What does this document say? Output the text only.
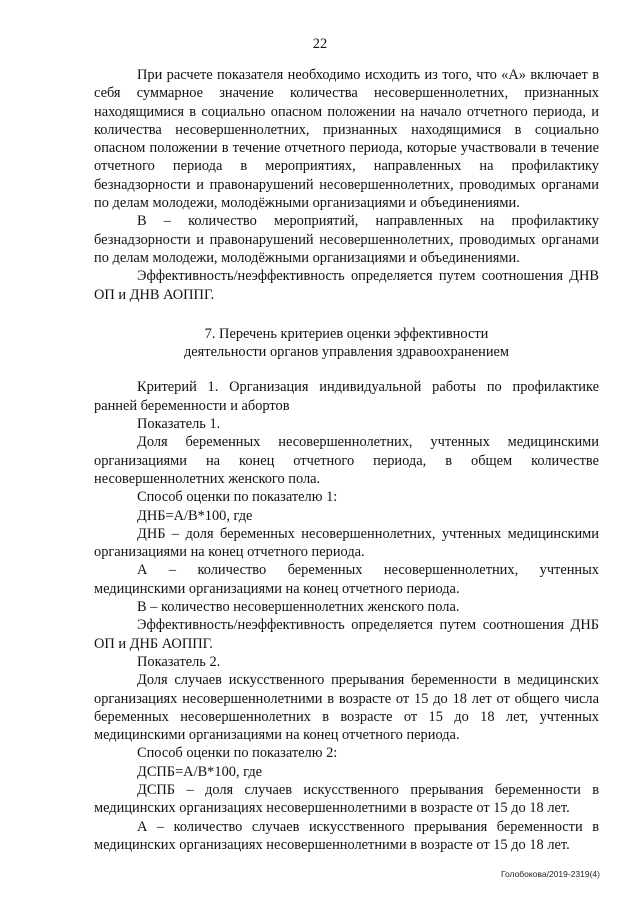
22

При расчете показателя необходимо исходить из того, что «А» включает в себя суммарное значение количества несовершеннолетних, признанных находящимися в социально опасном положении на начало отчетного периода, и количества несовершеннолетних, признанных находящимися в социально опасном положении в течение отчетного периода, которые участвовали в течение отчетного периода в мероприятиях, направленных на профилактику безнадзорности и правонарушений несовершеннолетних, проводимых органами по делам молодежи, молодёжными организациями и объединениями.

В – количество мероприятий, направленных на профилактику безнадзорности и правонарушений несовершеннолетних, проводимых органами по делам молодежи, молодёжными организациями и объединениями.

Эффективность/неэффективность определяется путем соотношения ДНВ ОП и ДНВ АОППГ.

7. Перечень критериев оценки эффективности

деятельности органов управления здравоохранением

Критерий 1. Организация индивидуальной работы по профилактике ранней беременности и абортов

Показатель 1.

Доля беременных несовершеннолетних, учтенных медицинскими организациями на конец отчетного периода, в общем количестве несовершеннолетних женского пола.

Способ оценки по показателю 1:

ДНБ=А/В*100, где

ДНБ – доля беременных несовершеннолетних, учтенных медицинскими организациями на конец отчетного периода.

А – количество беременных несовершеннолетних, учтенных медицинскими организациями на конец отчетного периода.

В – количество несовершеннолетних женского пола.

Эффективность/неэффективность определяется путем соотношения ДНБ ОП и ДНБ АОППГ.

Показатель 2.

Доля случаев искусственного прерывания беременности в медицинских организациях несовершеннолетними в возрасте от 15 до 18 лет от общего числа беременных несовершеннолетних в возрасте от 15 до 18 лет, учтенных медицинскими организациями на конец отчетного периода.

Способ оценки по показателю 2:

ДСПБ=А/В*100, где

ДСПБ – доля случаев искусственного прерывания беременности в медицинских организациях несовершеннолетними в возрасте от 15 до 18 лет.

А – количество случаев искусственного прерывания беременности в медицинских организациях несовершеннолетними в возрасте от 15 до 18 лет.

Голобокова/2019-2319(4)
